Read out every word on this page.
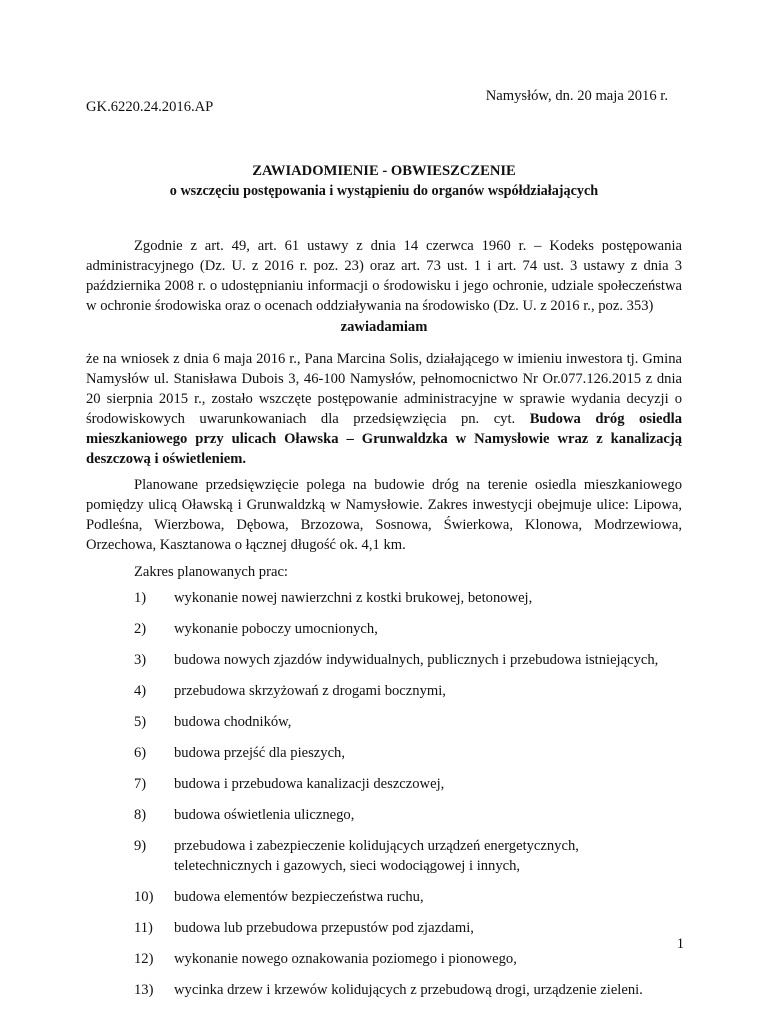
Namysłów, dn. 20 maja 2016 r.
GK.6220.24.2016.AP
ZAWIADOMIENIE - OBWIESZCZENIE
o wszczęciu postępowania i wystąpieniu do organów współdziałających

Zgodnie z art. 49, art. 61 ustawy z dnia 14 czerwca 1960 r. – Kodeks postępowania administracyjnego (Dz. U. z 2016 r. poz. 23) oraz art. 73 ust. 1 i art. 74 ust. 3 ustawy z dnia 3 października 2008 r. o udostępnianiu informacji o środowisku i jego ochronie, udziale społeczeństwa w ochronie środowiska oraz o ocenach oddziaływania na środowisko (Dz. U. z 2016 r., poz. 353)

zawiadamiam

że na wniosek z dnia 6 maja 2016 r., Pana Marcina Solis, działającego w imieniu inwestora tj. Gmina Namysłów ul. Stanisława Dubois 3, 46-100 Namysłów, pełnomocnictwo Nr Or.077.126.2015 z dnia 20 sierpnia 2015 r., zostało wszczęte postępowanie administracyjne w sprawie wydania decyzji o środowiskowych uwarunkowaniach dla przedsięwzięcia pn. cyt. Budowa dróg osiedla mieszkaniowego przy ulicach Oławska – Grunwaldzka w Namysłowie wraz z kanalizacją deszczową i oświetleniem.

Planowane przedsięwzięcie polega na budowie dróg na terenie osiedla mieszkaniowego pomiędzy ulicą Oławską i Grunwaldzką w Namysłowie. Zakres inwestycji obejmuje ulice: Lipowa, Podleśna, Wierzbowa, Dębowa, Brzozowa, Sosnowa, Świerkowa, Klonowa, Modrzewiowa, Orzechowa, Kasztanowa o łącznej długość ok. 4,1 km.

Zakres planowanych prac:
1)	wykonanie nowej nawierzchni z kostki brukowej, betonowej,
2)	wykonanie poboczy umocnionych,
3)	budowa nowych zjazdów indywidualnych, publicznych i przebudowa istniejących,
4)	przebudowa skrzyżowań z drogami bocznymi,
5)	budowa chodników,
6)	budowa przejść dla pieszych,
7)	budowa i przebudowa kanalizacji deszczowej,
8)	budowa oświetlenia ulicznego,
9)	przebudowa i zabezpieczenie kolidujących urządzeń energetycznych, teletechnicznych i gazowych, sieci wodociągowej i innych,
10)	budowa elementów bezpieczeństwa ruchu,
11)	budowa lub przebudowa przepustów pod zjazdami,
12)	wykonanie nowego oznakowania poziomego i pionowego,
13)	wycinka drzew i krzewów kolidujących z przebudową drogi, urządzenie zieleni.
1
